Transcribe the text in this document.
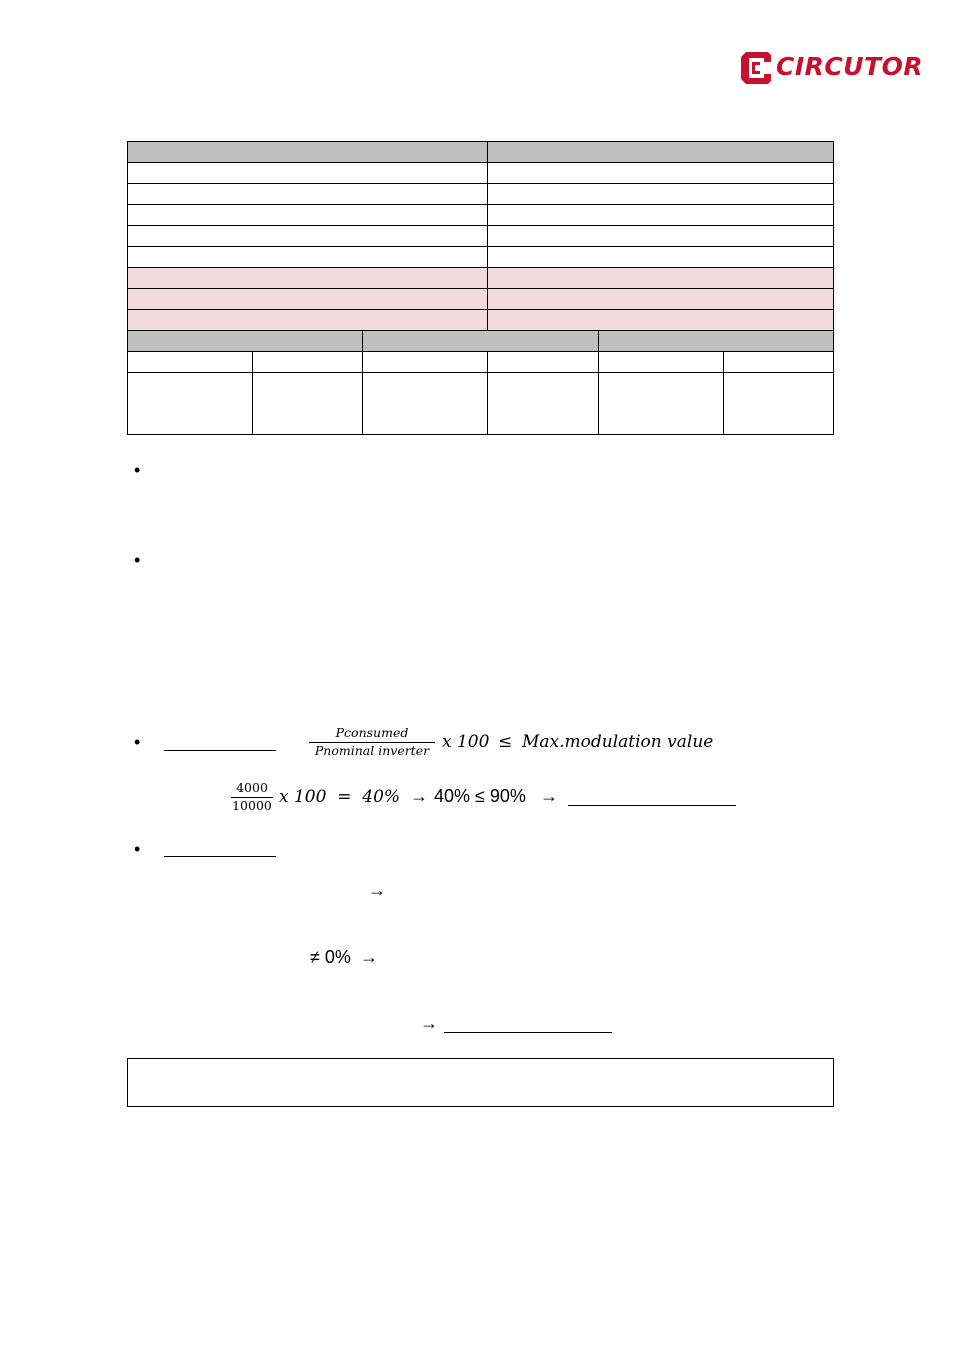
CIRCUTOR

•
•
•
•
Pconsumed
Pnominal inverter x 100 ≤ Max.modulation value
4000
10000 x 100  =  40% → 40% ≤ 90% →
→
≠ 0% →
→
